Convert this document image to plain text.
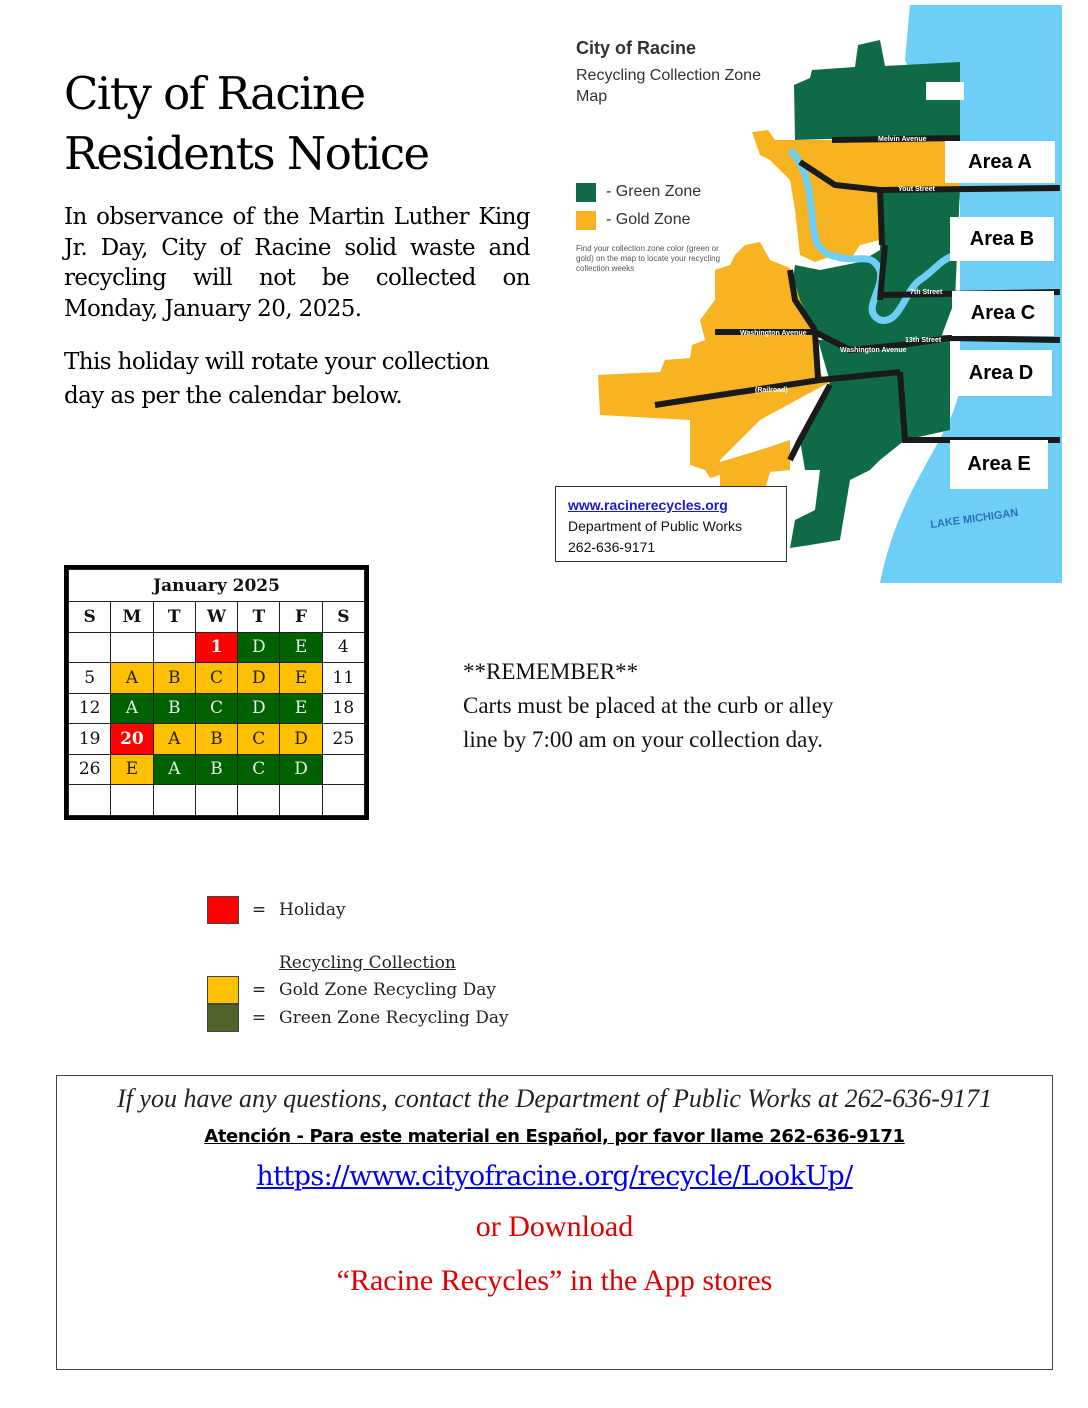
City of Racine
Residents Notice
In observance of the Martin Luther King Jr. Day, City of Racine solid waste and recycling will not be collected on Monday, January 20, 2025.
This holiday will rotate your collection day as per the calendar below.
Melvin Avenue
Yout Street
Washington Avenue
Washington Avenue
13th Street
7th Street
(Railroad)
City of Racine
Recycling Collection Zone Map
- Green Zone
- Gold Zone
Find your collection zone color (green or gold) on the map to locate your recycling collection weeks
Area A
Area B
Area C
Area D
Area E
LAKE MICHIGAN
www.racinerecycles.org
Department of Public Works
262-636-9171
January 2025						
S	M	T	W	T	F	S
			1	D	E	4
5	A	B	C	D	E	11
12	A	B	C	D	E	18
19	20	A	B	C	D	25
26	E	A	B	C	D	

**REMEMBER**
Carts must be placed at the curb or alley
line by 7:00 am on your collection day.
= Holiday
Recycling Collection
= Gold Zone Recycling Day
= Green Zone Recycling Day
If you have any questions, contact the Department of Public Works at 262-636-9171
Atención - Para este material en Español, por favor llame 262-636-9171
https://www.cityofracine.org/recycle/LookUp/
or Download
“Racine Recycles” in the App stores
